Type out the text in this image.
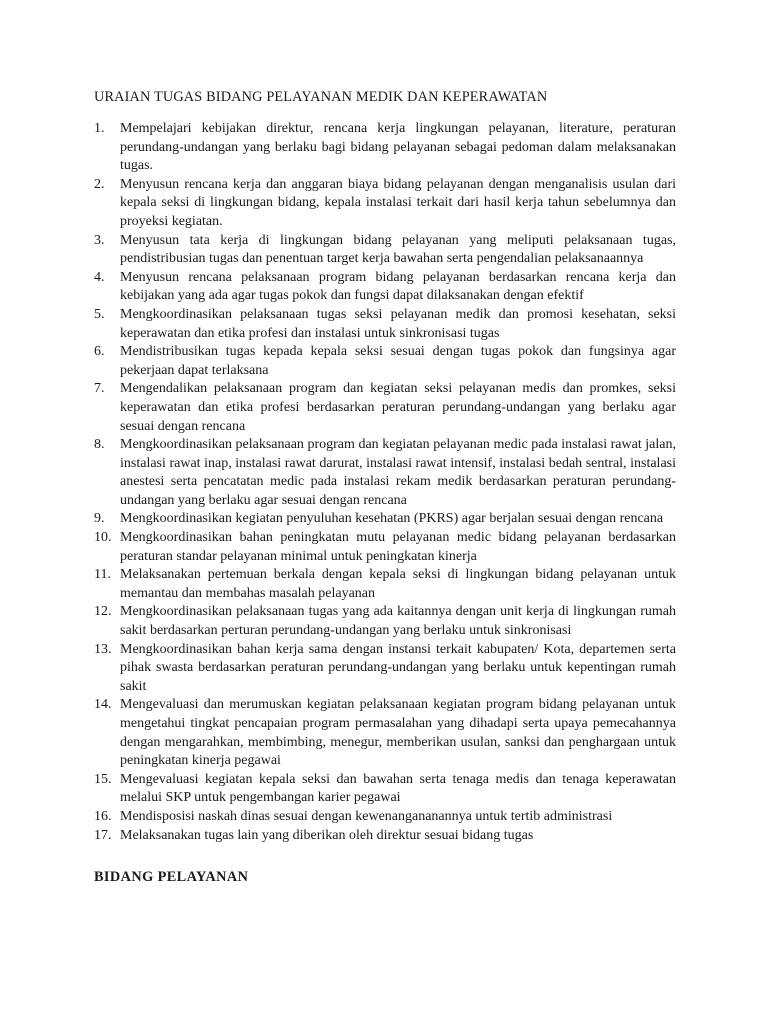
URAIAN TUGAS BIDANG PELAYANAN MEDIK DAN KEPERAWATAN
1.	Mempelajari kebijakan direktur, rencana kerja lingkungan pelayanan, literature, peraturan perundang-undangan yang berlaku bagi bidang pelayanan sebagai pedoman dalam melaksanakan tugas.
2.	Menyusun rencana kerja dan anggaran biaya bidang pelayanan dengan menganalisis usulan dari kepala seksi di lingkungan bidang, kepala instalasi terkait dari hasil kerja tahun sebelumnya dan proyeksi kegiatan.
3.	Menyusun tata kerja di lingkungan bidang pelayanan yang meliputi pelaksanaan tugas, pendistribusian tugas dan penentuan target kerja bawahan serta pengendalian pelaksanaannya
4.	Menyusun rencana pelaksanaan program bidang pelayanan berdasarkan rencana kerja dan kebijakan yang ada agar tugas pokok dan fungsi dapat dilaksanakan dengan efektif
5.	Mengkoordinasikan pelaksanaan tugas seksi pelayanan medik dan promosi kesehatan, seksi keperawatan dan etika profesi dan instalasi untuk sinkronisasi tugas
6.	Mendistribusikan tugas kepada kepala seksi sesuai dengan tugas pokok dan fungsinya agar pekerjaan dapat terlaksana
7.	Mengendalikan pelaksanaan program dan kegiatan seksi pelayanan medis dan promkes, seksi keperawatan dan etika profesi berdasarkan peraturan perundang-undangan yang berlaku agar sesuai dengan rencana
8.	Mengkoordinasikan pelaksanaan program dan kegiatan pelayanan medic pada instalasi rawat jalan, instalasi rawat inap, instalasi rawat darurat, instalasi rawat intensif, instalasi bedah sentral, instalasi anestesi serta pencatatan medic pada instalasi rekam medik berdasarkan peraturan perundang-undangan yang berlaku agar sesuai dengan rencana
9.	Mengkoordinasikan kegiatan penyuluhan kesehatan (PKRS) agar berjalan sesuai dengan rencana
10. Mengkoordinasikan bahan peningkatan mutu pelayanan medic bidang pelayanan berdasarkan peraturan standar pelayanan minimal untuk peningkatan kinerja
11. Melaksanakan pertemuan berkala dengan kepala seksi di lingkungan bidang pelayanan untuk memantau dan membahas masalah pelayanan
12. Mengkoordinasikan pelaksanaan tugas yang ada kaitannya dengan unit kerja di lingkungan rumah sakit berdasarkan perturan perundang-undangan yang berlaku untuk sinkronisasi
13. Mengkoordinasikan bahan kerja sama dengan instansi terkait kabupaten/ Kota, departemen serta pihak swasta berdasarkan peraturan perundang-undangan yang berlaku untuk kepentingan rumah sakit
14. Mengevaluasi dan merumuskan kegiatan pelaksanaan kegiatan program bidang pelayanan untuk mengetahui tingkat pencapaian program permasalahan yang dihadapi serta upaya pemecahannya dengan mengarahkan, membimbing, menegur, memberikan usulan, sanksi dan penghargaan untuk peningkatan kinerja pegawai
15. Mengevaluasi kegiatan kepala seksi dan bawahan serta tenaga medis dan tenaga keperawatan melalui SKP untuk pengembangan karier pegawai
16. Mendisposisi naskah dinas sesuai dengan kewenangananannya untuk tertib administrasi
17. Melaksanakan tugas lain yang diberikan oleh direktur sesuai bidang tugas
BIDANG PELAYANAN
